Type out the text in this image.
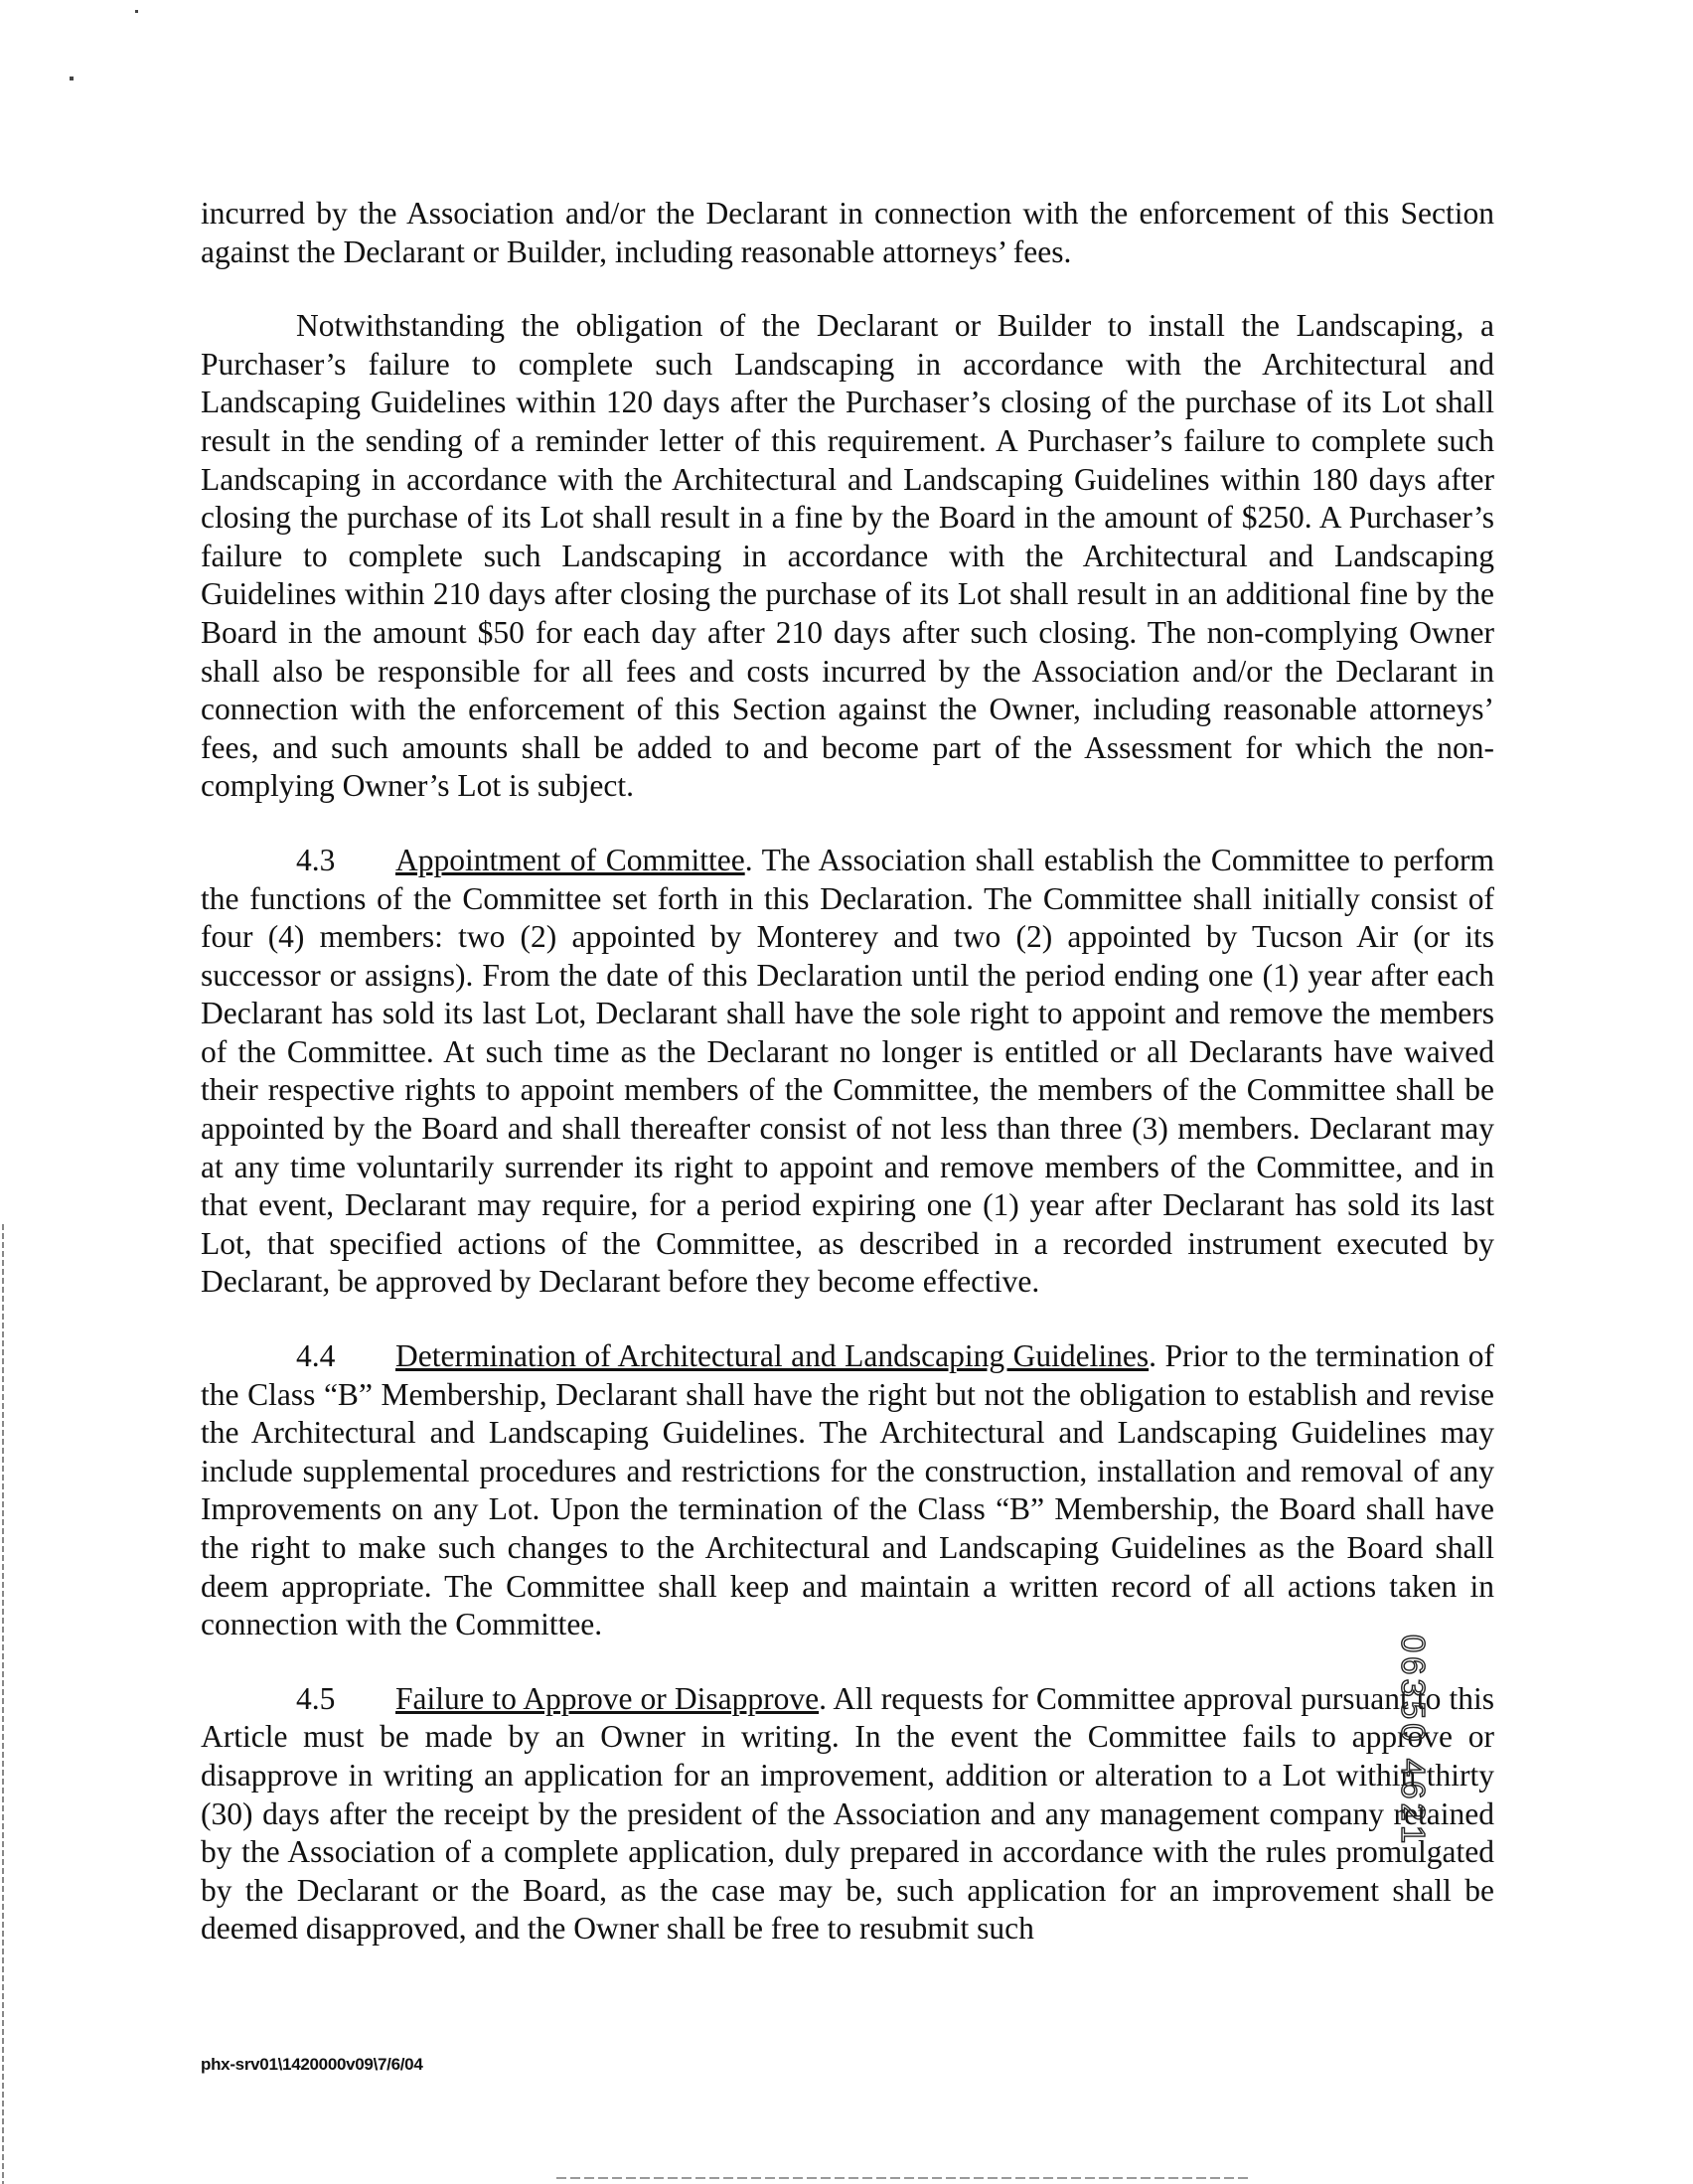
incurred by the Association and/or the Declarant in connection with the enforcement of this Section against the Declarant or Builder, including reasonable attorneys’ fees.

Notwithstanding the obligation of the Declarant or Builder to install the Landscaping, a Purchaser’s failure to complete such Landscaping in accordance with the Architectural and Landscaping Guidelines within 120 days after the Purchaser’s closing of the purchase of its Lot shall result in the sending of a reminder letter of this requirement. A Purchaser’s failure to complete such Landscaping in accordance with the Architectural and Landscaping Guidelines within 180 days after closing the purchase of its Lot shall result in a fine by the Board in the amount of $250. A Purchaser’s failure to complete such Landscaping in accordance with the Architectural and Landscaping Guidelines within 210 days after closing the purchase of its Lot shall result in an additional fine by the Board in the amount $50 for each day after 210 days after such closing. The non-complying Owner shall also be responsible for all fees and costs incurred by the Association and/or the Declarant in connection with the enforcement of this Section against the Owner, including reasonable attorneys’ fees, and such amounts shall be added to and become part of the Assessment for which the non-complying Owner’s Lot is subject.

4.3 Appointment of Committee. The Association shall establish the Committee to perform the functions of the Committee set forth in this Declaration. The Committee shall initially consist of four (4) members: two (2) appointed by Monterey and two (2) appointed by Tucson Air (or its successor or assigns). From the date of this Declaration until the period ending one (1) year after each Declarant has sold its last Lot, Declarant shall have the sole right to appoint and remove the members of the Committee. At such time as the Declarant no longer is entitled or all Declarants have waived their respective rights to appoint members of the Committee, the members of the Committee shall be appointed by the Board and shall thereafter consist of not less than three (3) members. Declarant may at any time voluntarily surrender its right to appoint and remove members of the Committee, and in that event, Declarant may require, for a period expiring one (1) year after Declarant has sold its last Lot, that specified actions of the Committee, as described in a recorded instrument executed by Declarant, be approved by Declarant before they become effective.

4.4 Determination of Architectural and Landscaping Guidelines. Prior to the termination of the Class “B” Membership, Declarant shall have the right but not the obligation to establish and revise the Architectural and Landscaping Guidelines. The Architectural and Landscaping Guidelines may include supplemental procedures and restrictions for the construction, installation and removal of any Improvements on any Lot. Upon the termination of the Class “B” Membership, the Board shall have the right to make such changes to the Architectural and Landscaping Guidelines as the Board shall deem appropriate. The Committee shall keep and maintain a written record of all actions taken in connection with the Committee.

4.5 Failure to Approve or Disapprove. All requests for Committee approval pursuant to this Article must be made by an Owner in writing. In the event the Committee fails to approve or disapprove in writing an application for an improvement, addition or alteration to a Lot within thirty (30) days after the receipt by the president of the Association and any management company retained by the Association of a complete application, duly prepared in accordance with the rules promulgated by the Declarant or the Board, as the case may be, such application for an improvement shall be deemed disapproved, and the Owner shall be free to resubmit such

06350 4621
phx-srv01\1420000v09\7/6/04
